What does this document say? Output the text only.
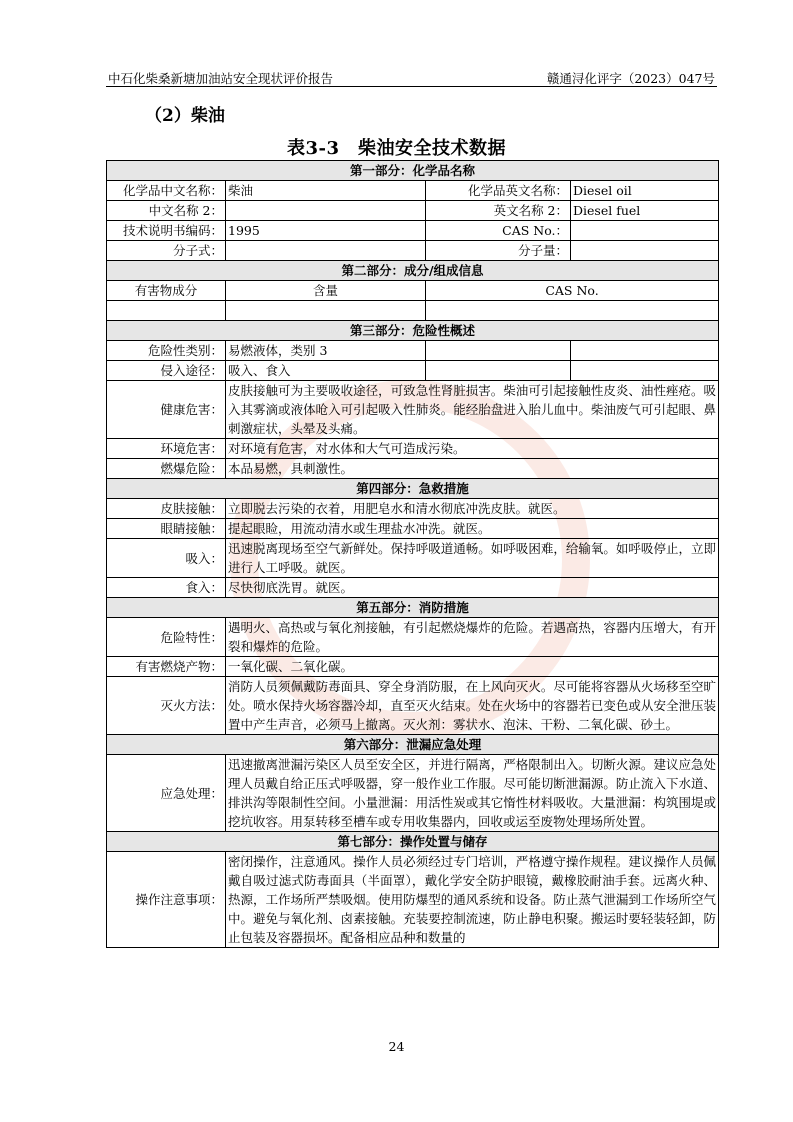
中石化柴桑新塘加油站安全现状评价报告	赣通浔化评字（2023）047号
（2）柴油
表3-3　柴油安全技术数据
第一部分：化学品名称			
化学品中文名称：	柴油	化学品英文名称：	Diesel oil
中文名称 2：		英文名称 2：	Diesel fuel
技术说明书编码：	1995	CAS No.：	
分子式：		分子量：	
第二部分：成分/组成信息			
有害物成分	含量	CAS No.	

第三部分：危险性概述			
危险性类别：	易燃液体，类别 3		
侵入途径：	吸入、食入		
健康危害：	皮肤接触可为主要吸收途径，可致急性肾脏损害。柴油可引起接触性皮炎、油性痤疮。吸入其雾滴或液体呛入可引起吸入性肺炎。能经胎盘进入胎儿血中。柴油废气可引起眼、鼻刺激症状，头晕及头痛。		
环境危害：	对环境有危害，对水体和大气可造成污染。		
燃爆危险：	本品易燃，具刺激性。		
第四部分：急救措施			
皮肤接触：	立即脱去污染的衣着，用肥皂水和清水彻底冲洗皮肤。就医。		
眼睛接触：	提起眼睑，用流动清水或生理盐水冲洗。就医。		
吸入：	迅速脱离现场至空气新鲜处。保持呼吸道通畅。如呼吸困难，给输氧。如呼吸停止，立即进行人工呼吸。就医。		
食入：	尽快彻底洗胃。就医。		
第五部分：消防措施			
危险特性：	遇明火、高热或与氧化剂接触，有引起燃烧爆炸的危险。若遇高热，容器内压增大，有开裂和爆炸的危险。		
有害燃烧产物：	一氧化碳、二氧化碳。		
灭火方法：	消防人员须佩戴防毒面具、穿全身消防服，在上风向灭火。尽可能将容器从火场移至空旷处。喷水保持火场容器冷却，直至灭火结束。处在火场中的容器若已变色或从安全泄压装置中产生声音，必须马上撤离。灭火剂：雾状水、泡沫、干粉、二氧化碳、砂土。		
第六部分：泄漏应急处理			
应急处理：	迅速撤离泄漏污染区人员至安全区，并进行隔离，严格限制出入。切断火源。建议应急处理人员戴自给正压式呼吸器，穿一般作业工作服。尽可能切断泄漏源。防止流入下水道、排洪沟等限制性空间。小量泄漏：用活性炭或其它惰性材料吸收。大量泄漏：构筑围堤或挖坑收容。用泵转移至槽车或专用收集器内，回收或运至废物处理场所处置。		
第七部分：操作处置与储存			
操作注意事项：	密闭操作，注意通风。操作人员必须经过专门培训，严格遵守操作规程。建议操作人员佩戴自吸过滤式防毒面具（半面罩），戴化学安全防护眼镜，戴橡胶耐油手套。远离火种、热源，工作场所严禁吸烟。使用防爆型的通风系统和设备。防止蒸气泄漏到工作场所空气中。避免与氧化剂、卤素接触。充装要控制流速，防止静电积聚。搬运时要轻装轻卸，防止包装及容器损坏。配备相应品种和数量的		
24
